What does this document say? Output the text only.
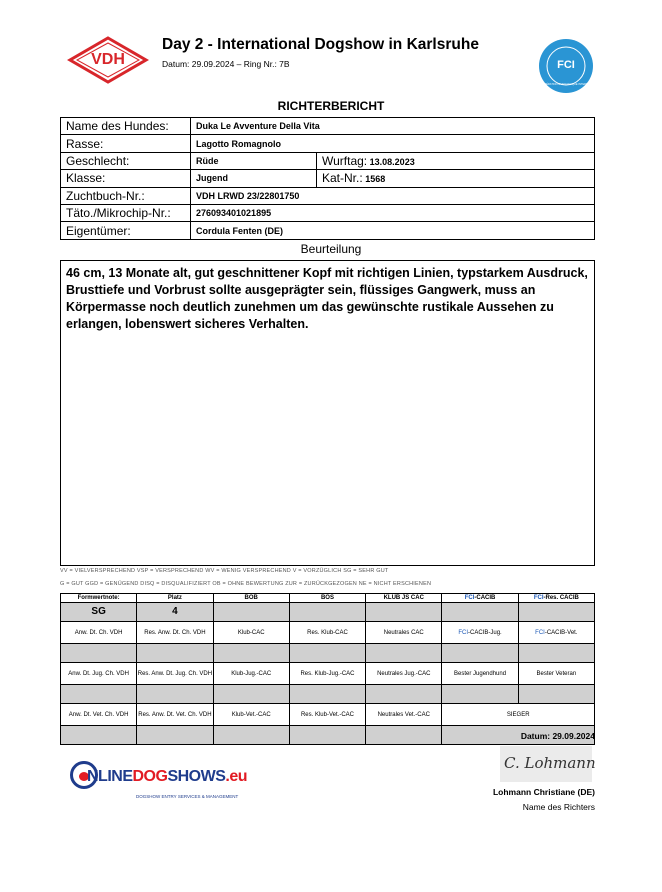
VDH
Day 2 - International Dogshow in Karlsruhe
Datum: 29.09.2024 – Ring Nr.: 7B	FCI
FÉDÉRATION CYNOLOGIQUE INTERNATIONALE
RICHTERBERICHT
Name des Hundes:	Duka Le Avventure Della Vita	
Rasse:	Lagotto Romagnolo	
Geschlecht:	Rüde	Wurftag: 13.08.2023
Klasse:	Jugend	Kat-Nr.: 1568
Zuchtbuch-Nr.:	VDH LRWD 23/22801750	
Täto./Mikrochip-Nr.:	276093401021895	
Eigentümer:	Cordula Fenten (DE)	
Beurteilung
46 cm, 13 Monate alt, gut geschnittener Kopf mit richtigen Linien, typstarkem Ausdruck, Brusttiefe und Vorbrust sollte ausgeprägter sein, flüssiges Gangwerk, muss an Körpermasse noch deutlich zunehmen um das gewünschte rustikale Aussehen zu erlangen, lobenswert sicheres Verhalten.
VV = VIELVERSPRECHEND VSP = VERSPRECHEND WV = WENIG VERSPRECHEND V = VORZÜGLICH SG = SEHR GUT
G = GUT GGD = GENÜGEND DISQ = DISQUALIFIZIERT OB = OHNE BEWERTUNG ZUR = ZURÜCKGEZOGEN NE = NICHT ERSCHIENEN
Formwertnote:	Platz	BOB	BOS	KLUB JS CAC	FCI-CACIB	FCI-Res. CACIB
SG	4					
Anw. Dt. Ch. VDH	Res. Anw. Dt. Ch. VDH	Klub-CAC	Res. Klub-CAC	Neutrales CAC	FCI-CACIB-Jug.	FCI-CACIB-Vet.

Anw. Dt. Jug. Ch. VDH	Res. Anw. Dt. Jug. Ch. VDH	Klub-Jug.-CAC	Res. Klub-Jug.-CAC	Neutrales Jug.-CAC	Bester Jugendhund	Bester Veteran

Anw. Dt. Vet. Ch. VDH	Res. Anw. Dt. Vet. Ch. VDH	Klub-Vet.-CAC	Res. Klub-Vet.-CAC	Neutrales Vet.-CAC	SIEGER	

Datum: 29.09.2024
NLINEDOGSHOWS.eu
DOGSHOW ENTRY SERVICES & MANAGEMENT
C. Lohmann
Lohmann Christiane (DE)
Name des Richters
